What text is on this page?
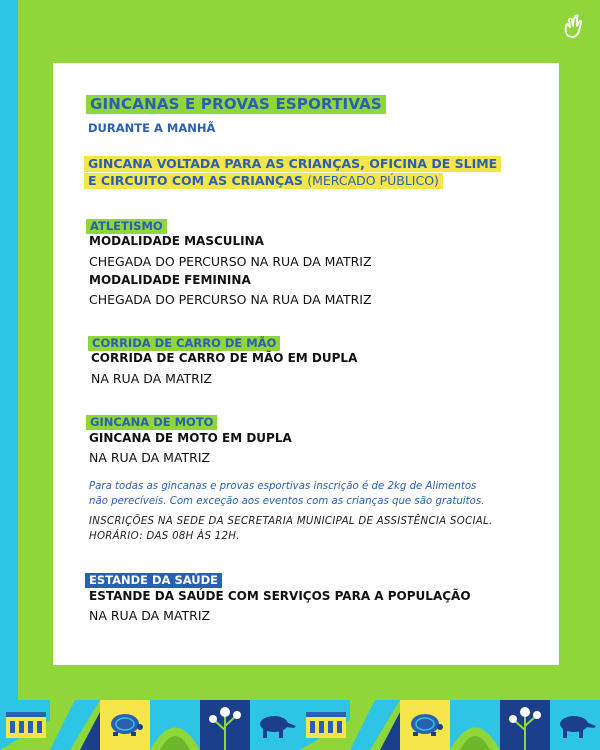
GINCANAS E PROVAS ESPORTIVAS
DURANTE A MANHÃ
GINCANA VOLTADA PARA AS CRIANÇAS, OFICINA DE SLIME
E CIRCUITO COM AS CRIANÇAS (MERCADO PÚBLICO)
ATLETISMO
MODALIDADE MASCULINA
CHEGADA DO PERCURSO NA RUA DA MATRIZ
MODALIDADE FEMININA
CHEGADA DO PERCURSO NA RUA DA MATRIZ
CORRIDA DE CARRO DE MÃO
CORRIDA DE CARRO DE MÃO EM DUPLA
NA RUA DA MATRIZ
GINCANA DE MOTO
GINCANA DE MOTO EM DUPLA
NA RUA DA MATRIZ
Para todas as gincanas e provas esportivas inscrição é de 2kg de Alimentos
não perecíveis. Com exceção aos eventos com as crianças que são gratuitos.
INSCRIÇÕES NA SEDE DA SECRETARIA MUNICIPAL DE ASSISTÊNCIA SOCIAL.
HORÁRIO: DAS 08H ÀS 12H.
ESTANDE DA SAÚDE
ESTANDE DA SAÚDE COM SERVIÇOS PARA A POPULAÇÃO
NA RUA DA MATRIZ
